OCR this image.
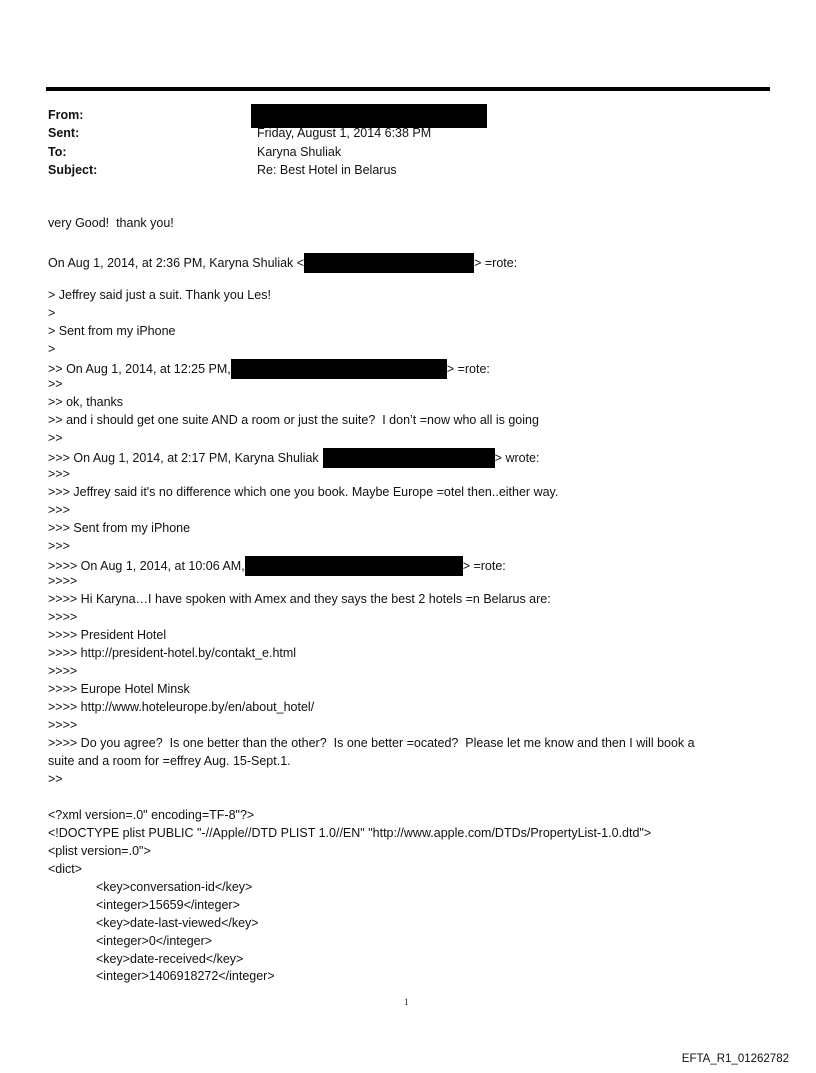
From:
Sent:	Friday, August 1, 2014 6:38 PM
To:	Karyna Shuliak
Subject:	Re: Best Hotel in Belarus
very Good!  thank you!
On Aug 1, 2014, at 2:36 PM, Karyna Shuliak <	> =rote:
> Jeffrey said just a suit. Thank you Les!
>
> Sent from my iPhone
>
>> On Aug 1, 2014, at 12:25 PM,	> =rote:
>>
>> ok, thanks
>> and i should get one suite AND a room or just the suite?  I don’t =now who all is going
>>
>>> On Aug 1, 2014, at 2:17 PM, Karyna Shuliak	> wrote:
>>>
>>> Jeffrey said it's no difference which one you book. Maybe Europe =otel then..either way.
>>>
>>> Sent from my iPhone
>>>
>>>> On Aug 1, 2014, at 10:06 AM,	> =rote:
>>>>
>>>> Hi Karyna…I have spoken with Amex and they says the best 2 hotels =n Belarus are:
>>>>
>>>> President Hotel
>>>> http://president-hotel.by/contakt_e.html
>>>>
>>>> Europe Hotel Minsk
>>>> http://www.hoteleurope.by/en/about_hotel/
>>>>
>>>> Do you agree?  Is one better than the other?  Is one better =ocated?  Please let me know and then I will book a
suite and a room for =effrey Aug. 15-Sept.1.
>>
<?xml version=.0" encoding=TF-8"?>
<!DOCTYPE plist PUBLIC "-//Apple//DTD PLIST 1.0//EN" "http://www.apple.com/DTDs/PropertyList-1.0.dtd">
<plist version=.0">
<dict>
<key>conversation-id</key>
<integer>15659</integer>
<key>date-last-viewed</key>
<integer>0</integer>
<key>date-received</key>
<integer>1406918272</integer>
1
EFTA_R1_01262782
